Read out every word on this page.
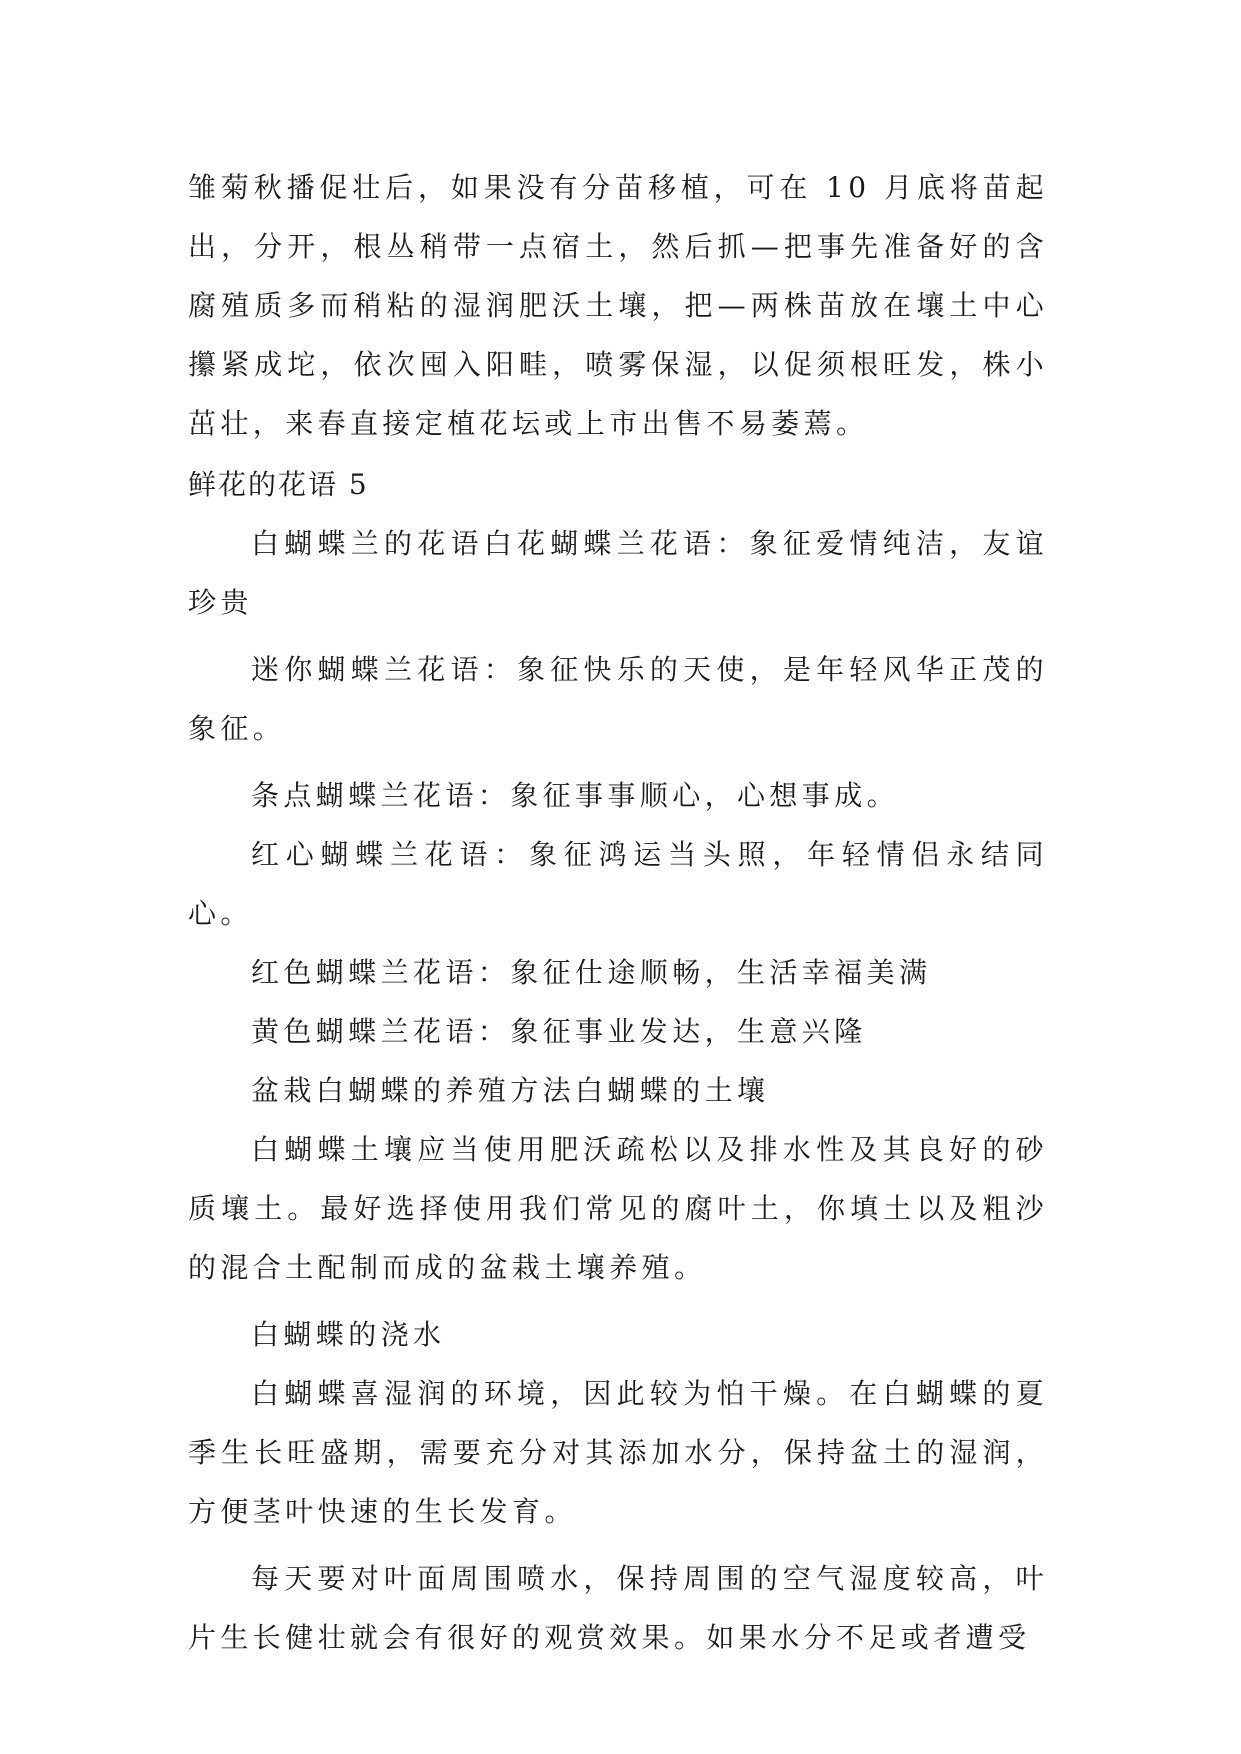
雏菊秋播促壮后，如果没有分苗移植，可在 10 月底将苗起出，分开，根丛稍带一点宿土，然后抓—把事先准备好的含腐殖质多而稍粘的湿润肥沃土壤，把—两株苗放在壤土中心攥紧成坨，依次囤入阳畦，喷雾保湿，以促须根旺发，株小茁壮，来春直接定植花坛或上市出售不易萎蔫。

鲜花的花语 5

白蝴蝶兰的花语白花蝴蝶兰花语：象征爱情纯洁，友谊珍贵

迷你蝴蝶兰花语：象征快乐的天使，是年轻风华正茂的象征。

条点蝴蝶兰花语：象征事事顺心，心想事成。

红心蝴蝶兰花语：象征鸿运当头照，年轻情侣永结同心。

红色蝴蝶兰花语：象征仕途顺畅，生活幸福美满

黄色蝴蝶兰花语：象征事业发达，生意兴隆

盆栽白蝴蝶的养殖方法白蝴蝶的土壤

白蝴蝶土壤应当使用肥沃疏松以及排水性及其良好的砂质壤土。最好选择使用我们常见的腐叶土，你填土以及粗沙的混合土配制而成的盆栽土壤养殖。

白蝴蝶的浇水

白蝴蝶喜湿润的环境，因此较为怕干燥。在白蝴蝶的夏季生长旺盛期，需要充分对其添加水分，保持盆土的湿润，方便茎叶快速的生长发育。

每天要对叶面周围喷水，保持周围的空气湿度较高，叶片生长健壮就会有很好的观赏效果。如果水分不足或者遭受
